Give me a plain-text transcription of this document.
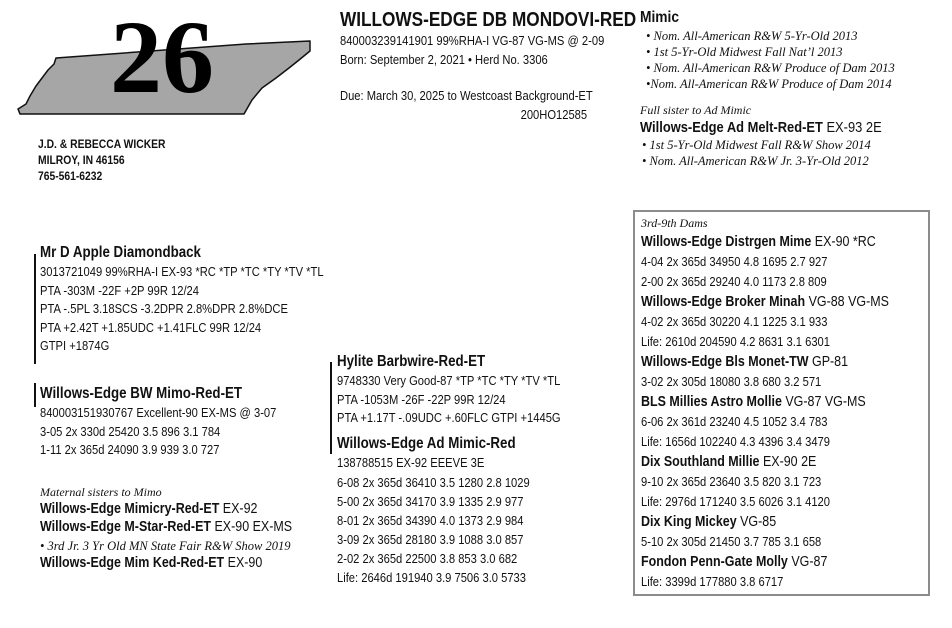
26
J.D. & REBECCA WICKER
MILROY, IN 46156
765-561-6232
WILLOWS-EDGE DB MONDOVI-RED
840003239141901 99%RHA-I VG-87 VG-MS @ 2-09
Born: September 2, 2021 • Herd No. 3306
Due: March 30, 2025 to Westcoast Background-ET
200HO12585
Mimic
• Nom. All-American R&W 5-Yr-Old 2013
• 1st 5-Yr-Old Midwest Fall Nat’l 2013
• Nom. All-American R&W Produce of Dam 2013
•Nom. All-American R&W Produce of Dam 2014
Full sister to Ad Mimic
Willows-Edge Ad Melt-Red-ET EX-93 2E
• 1st 5-Yr-Old Midwest Fall R&W Show 2014
• Nom. All-American R&W Jr. 3-Yr-Old 2012
Mr D Apple Diamondback
3013721049 99%RHA-I EX-93 *RC *TP *TC *TY *TV *TL
PTA -303M -22F +2P 99R 12/24
PTA -.5PL 3.18SCS -3.2DPR 2.8%DPR 2.8%DCE
PTA +2.42T +1.85UDC +1.41FLC 99R 12/24
GTPI +1874G
Willows-Edge BW Mimo-Red-ET
840003151930767 Excellent-90 EX-MS @ 3-07
3-05 2x 330d 25420 3.5 896 3.1 784
1-11 2x 365d 24090 3.9 939 3.0 727
Maternal sisters to Mimo
Willows-Edge Mimicry-Red-ET EX-92
Willows-Edge M-Star-Red-ET EX-90 EX-MS
• 3rd Jr. 3 Yr Old MN State Fair R&W Show 2019
Willows-Edge Mim Ked-Red-ET EX-90
Hylite Barbwire-Red-ET
9748330 Very Good-87 *TP *TC *TY *TV *TL
PTA -1053M -26F -22P 99R 12/24
PTA +1.17T -.09UDC +.60FLC GTPI +1445G
Willows-Edge Ad Mimic-Red
138788515 EX-92 EEEVE 3E
6-08 2x 365d 36410 3.5 1280 2.8 1029
5-00 2x 365d 34170 3.9 1335 2.9 977
8-01 2x 365d 34390 4.0 1373 2.9 984
3-09 2x 365d 28180 3.9 1088 3.0 857
2-02 2x 365d 22500 3.8 853 3.0 682
Life: 2646d 191940 3.9 7506 3.0 5733
3rd-9th Dams
Willows-Edge Distrgen Mime EX-90 *RC
4-04 2x 365d 34950 4.8 1695 2.7 927
2-00 2x 365d 29240 4.0 1173 2.8 809
Willows-Edge Broker Minah VG-88 VG-MS
4-02 2x 365d 30220 4.1 1225 3.1 933
Life: 2610d 204590 4.2 8631 3.1 6301
Willows-Edge Bls Monet-TW GP-81
3-02 2x 305d 18080 3.8 680 3.2 571
BLS Millies Astro Mollie VG-87 VG-MS
6-06 2x 361d 23240 4.5 1052 3.4 783
Life: 1656d 102240 4.3 4396 3.4 3479
Dix Southland Millie EX-90 2E
9-10 2x 365d 23640 3.5 820 3.1 723
Life: 2976d 171240 3.5 6026 3.1 4120
Dix King Mickey VG-85
5-10 2x 305d 21450 3.7 785 3.1 658
Fondon Penn-Gate Molly VG-87
Life: 3399d 177880 3.8 6717
